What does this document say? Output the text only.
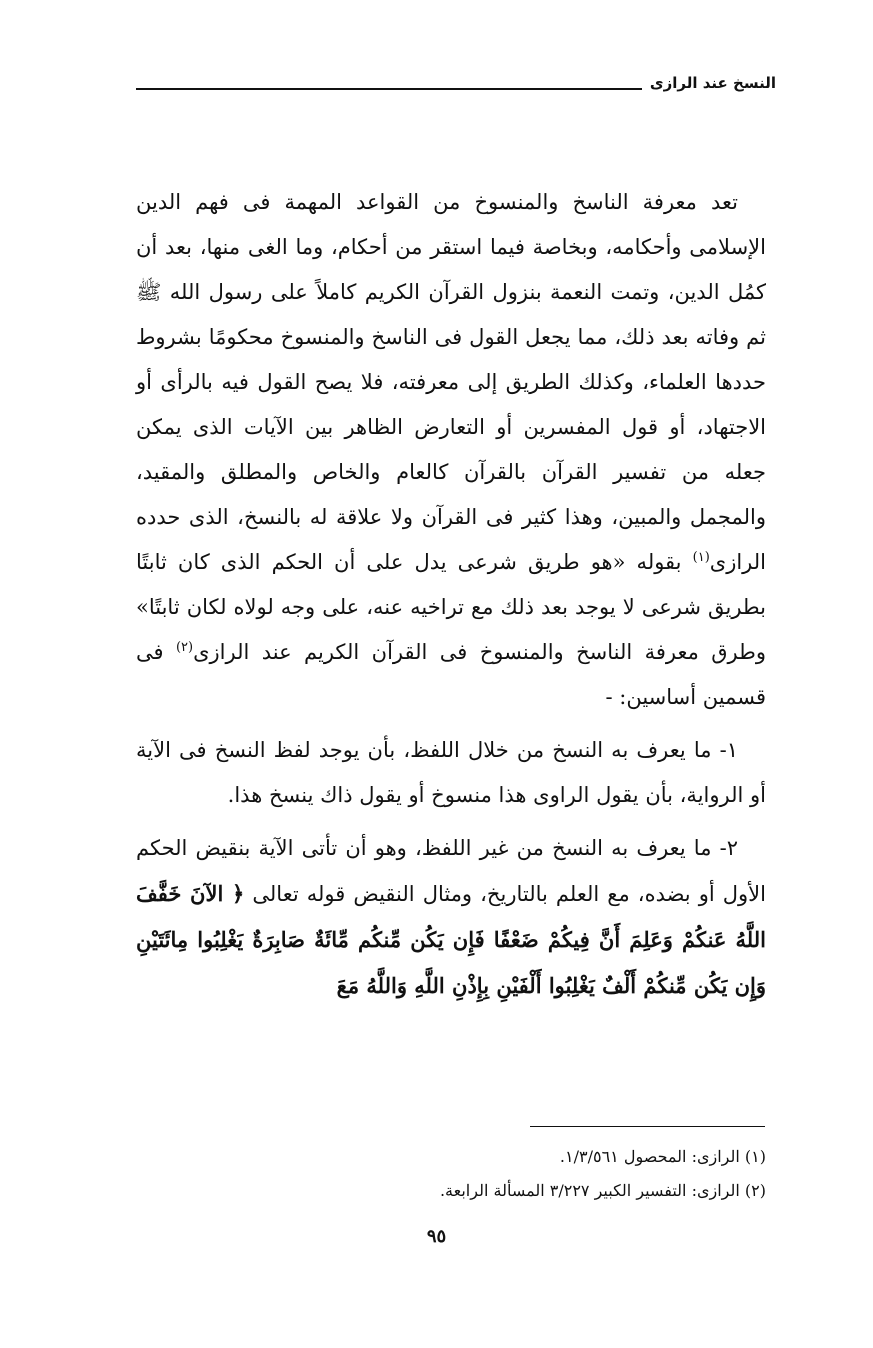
النسخ عند الرازى

تعد معرفة الناسخ والمنسوخ من القواعد المهمة فى فهم الدين الإسلامى وأحكامه، وبخاصة فيما استقر من أحكام، وما الغى منها، بعد أن كمُل الدين، وتمت النعمة بنزول القرآن الكريم كاملاً على رسول الله ﷺ ثم وفاته بعد ذلك، مما يجعل القول فى الناسخ والمنسوخ محكومًا بشروط حددها العلماء، وكذلك الطريق إلى معرفته، فلا يصح القول فيه بالرأى أو الاجتهاد، أو قول المفسرين أو التعارض الظاهر بين الآيات الذى يمكن جعله من تفسير القرآن بالقرآن كالعام والخاص والمطلق والمقيد، والمجمل والمبين، وهذا كثير فى القرآن ولا علاقة له بالنسخ، الذى حدده الرازى$^{(١)}$ بقوله «هو طريق شرعى يدل على أن الحكم الذى كان ثابتًا بطريق شرعى لا يوجد بعد ذلك مع تراخيه عنه، على وجه لولاه لكان ثابتًا» وطرق معرفة الناسخ والمنسوخ فى القرآن الكريم عند الرازى$^{(٢)}$ فى قسمين أساسين: -

١- ما يعرف به النسخ من خلال اللفظ، بأن يوجد لفظ النسخ فى الآية أو الرواية، بأن يقول الراوى هذا منسوخ أو يقول ذاك ينسخ هذا.

٢- ما يعرف به النسخ من غير اللفظ، وهو أن تأتى الآية بنقيض الحكم الأول أو بضده، مع العلم بالتاريخ، ومثال النقيض قوله تعالى ﴿ الآنَ خَفَّفَ اللَّهُ عَنكُمْ وَعَلِمَ أَنَّ فِيكُمْ ضَعْفًا فَإِن يَكُن مِّنكُم مِّائَةٌ صَابِرَةٌ يَغْلِبُوا مِائَتَيْنِ وَإِن يَكُن مِّنكُمْ أَلْفٌ يَغْلِبُوا أَلْفَيْنِ بِإِذْنِ اللَّهِ وَاللَّهُ مَعَ

(١) الرازى: المحصول ١/٣/٥٦١.

(٢) الرازى: التفسير الكبير ٣/٢٢٧ المسألة الرابعة.

٩٥
